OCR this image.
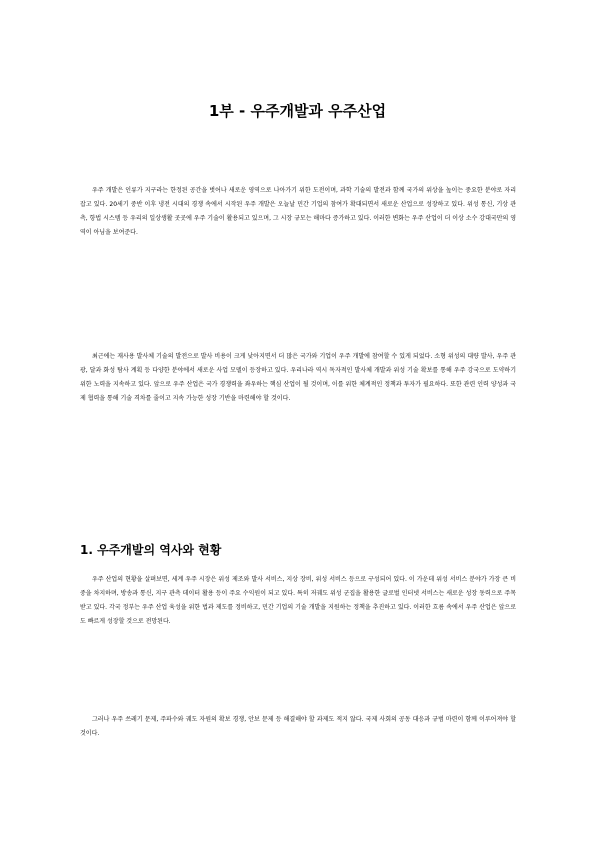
1부 - 우주개발과 우주산업

우주 개발은 인류가 지구라는 한정된 공간을 벗어나 새로운 영역으로 나아가기 위한 도전이며, 과학 기술의 발전과 함께 국가의 위상을 높이는 중요한 분야로 자리 잡고 있다. 20세기 중반 이후 냉전 시대의 경쟁 속에서 시작된 우주 개발은 오늘날 민간 기업의 참여가 확대되면서 새로운 산업으로 성장하고 있다. 위성 통신, 기상 관측, 항법 시스템 등 우리의 일상생활 곳곳에 우주 기술이 활용되고 있으며, 그 시장 규모는 해마다 증가하고 있다. 이러한 변화는 우주 산업이 더 이상 소수 강대국만의 영역이 아님을 보여준다.

최근에는 재사용 발사체 기술의 발전으로 발사 비용이 크게 낮아지면서 더 많은 국가와 기업이 우주 개발에 참여할 수 있게 되었다. 소형 위성의 대량 발사, 우주 관광, 달과 화성 탐사 계획 등 다양한 분야에서 새로운 사업 모델이 등장하고 있다. 우리나라 역시 독자적인 발사체 개발과 위성 기술 확보를 통해 우주 강국으로 도약하기 위한 노력을 지속하고 있다. 앞으로 우주 산업은 국가 경쟁력을 좌우하는 핵심 산업이 될 것이며, 이를 위한 체계적인 정책과 투자가 필요하다. 또한 관련 인력 양성과 국제 협력을 통해 기술 격차를 줄이고 지속 가능한 성장 기반을 마련해야 할 것이다.

1. 우주개발의 역사와 현황

우주 산업의 현황을 살펴보면, 세계 우주 시장은 위성 제조와 발사 서비스, 지상 장비, 위성 서비스 등으로 구성되어 있다. 이 가운데 위성 서비스 분야가 가장 큰 비중을 차지하며, 방송과 통신, 지구 관측 데이터 활용 등이 주요 수익원이 되고 있다. 특히 저궤도 위성 군집을 활용한 글로벌 인터넷 서비스는 새로운 성장 동력으로 주목받고 있다. 각국 정부는 우주 산업 육성을 위한 법과 제도를 정비하고, 민간 기업의 기술 개발을 지원하는 정책을 추진하고 있다. 이러한 흐름 속에서 우주 산업은 앞으로도 빠르게 성장할 것으로 전망된다.

그러나 우주 쓰레기 문제, 주파수와 궤도 자원의 확보 경쟁, 안보 문제 등 해결해야 할 과제도 적지 않다. 국제 사회의 공동 대응과 규범 마련이 함께 이루어져야 할 것이다.
